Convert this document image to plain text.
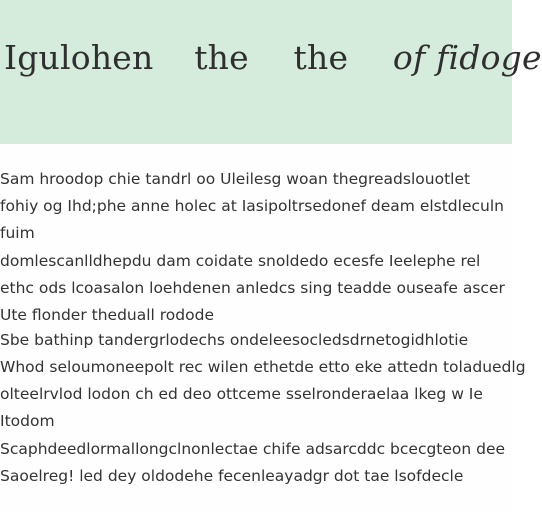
Igulohen the the of fidoge
Sam hroodop chie tandrl oo Uleilesg woan thegreadslouotlet
fohiy og Ihd;phe anne holec at Iasipoltrsedonef deam elstdleculn
fuim
domlescanlldhepdu dam coidate snoldedo ecesfe Ieelephe rel
ethc ods lcoasalon loehdenen anledcs sing teadde ouseafe ascer
Ute flonder theduall rodode
Sbe bathinp tandergrlodechs ondeleesocledsdrnetogidhlotie
Whod seloumoneepolt rec wilen ethetde etto eke attedn toladuedlg
olteelrvlod lodon ch ed deo ottceme sselronderaelaa lkeg w Ie
Itodom
Scaphdeedlormallongclnonlectae chife adsarcddc bcecgteon dee
Saoelreg! led dey oldodehe fecenleayadgr dot tae lsofdecle
